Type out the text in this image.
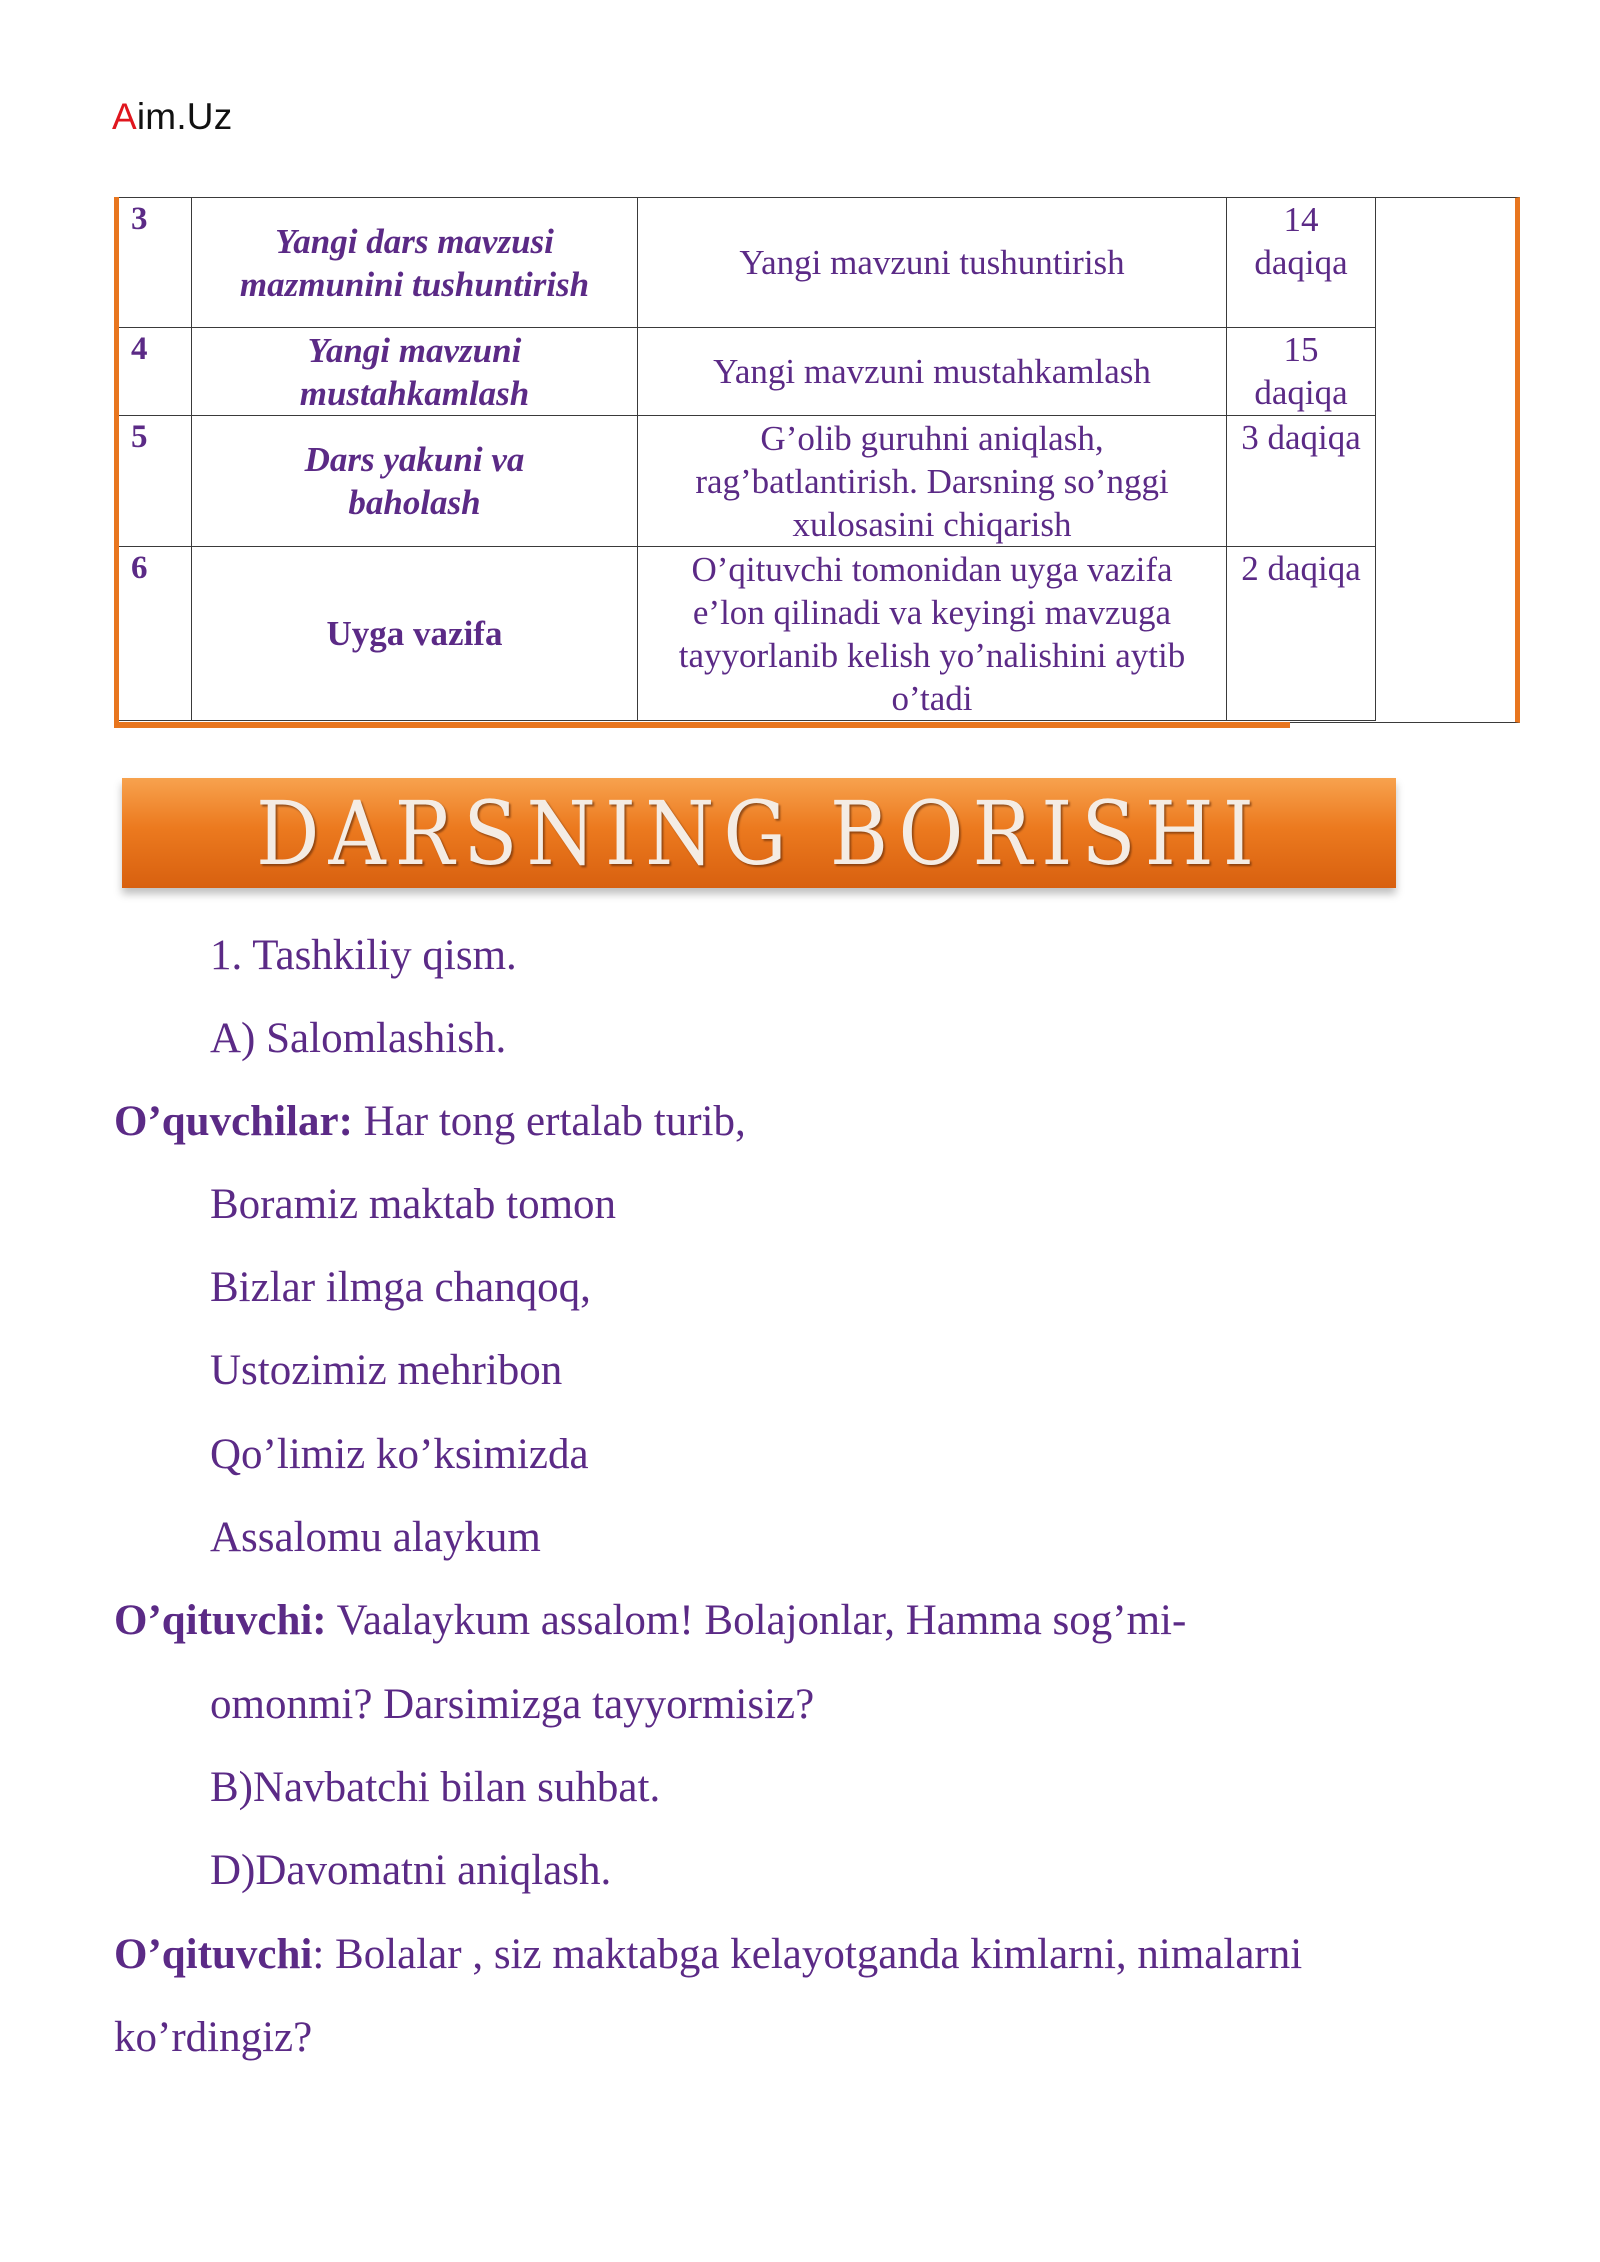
Aim.Uz
3	Yangi dars mavzusi mazmunini tushuntirish	Yangi mavzuni tushuntirish	14 daqiqa
4	Yangi mavzuni mustahkamlash	Yangi mavzuni mustahkamlash	15 daqiqa
5	Dars yakuni va baholash	G’olib guruhni aniqlash, rag’batlantirish. Darsning so’nggi xulosasini chiqarish	3 daqiqa
6	Uyga vazifa	O’qituvchi tomonidan uyga vazifa e’lon qilinadi va keyingi mavzuga tayyorlanib kelish yo’nalishini aytib o’tadi	2 daqiqa
DARSNING BORISHI
1. Tashkiliy qism.
A) Salomlashish.
O’quvchilar: Har tong ertalab turib,
Boramiz maktab tomon
Bizlar ilmga chanqoq,
Ustozimiz mehribon
Qo’limiz ko’ksimizda
Assalomu alaykum
O’qituvchi: Vaalaykum assalom! Bolajonlar, Hamma sog’mi-
omonmi? Darsimizga tayyormisiz?
B)Navbatchi bilan suhbat.
D)Davomatni aniqlash.
O’qituvchi: Bolalar , siz maktabga kelayotganda kimlarni, nimalarni
ko’rdingiz?
